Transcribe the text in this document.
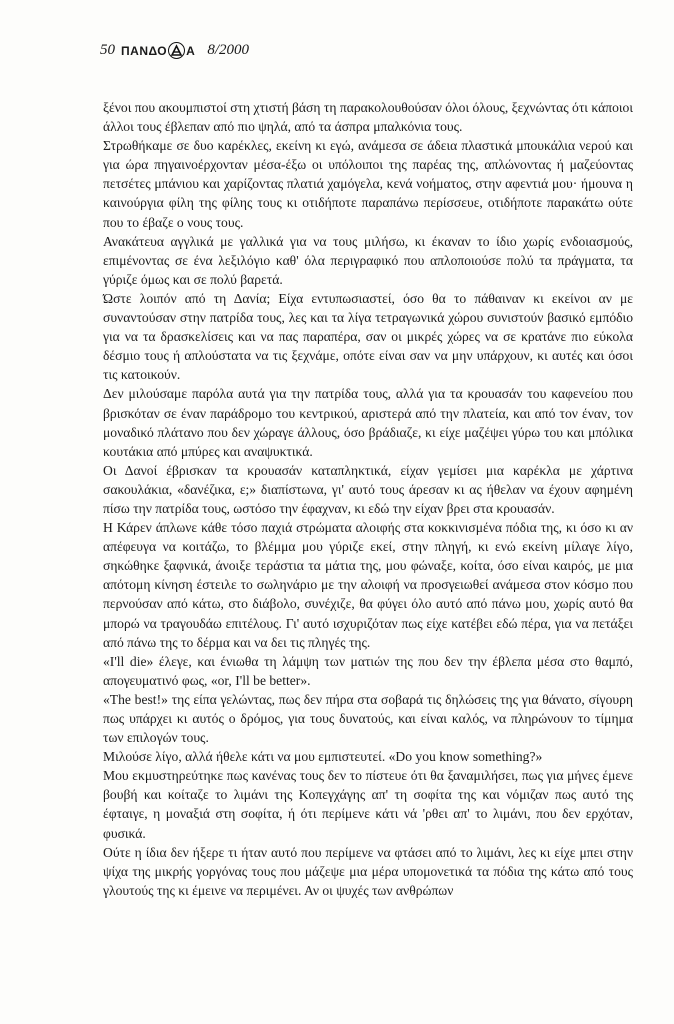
50 ΠΑΝΔΟ Α 8/2000

ξένοι που ακουμπιστοί στη χτιστή βάση τη παρακολουθούσαν όλοι όλους, ξεχνώντας ότι κάποιοι άλλοι τους έβλεπαν από πιο ψηλά, από τα άσπρα μπαλκόνια τους.

Στρωθήκαμε σε δυο καρέκλες, εκείνη κι εγώ, ανάμεσα σε άδεια πλαστικά μπουκάλια νερού και για ώρα πηγαινοέρχονταν μέσα-έξω οι υπόλοιποι της παρέας της, απλώνοντας ή μαζεύοντας πετσέτες μπάνιου και χαρίζοντας πλατιά χαμόγελα, κενά νοήματος, στην αφεντιά μου· ήμουνα η καινούργια φίλη της φίλης τους κι οτιδήποτε παραπάνω περίσσευε, οτιδήποτε παρακάτω ούτε που το έβαζε ο νους τους.

Ανακάτευα αγγλικά με γαλλικά για να τους μιλήσω, κι έκαναν το ίδιο χωρίς ενδοιασμούς, επιμένοντας σε ένα λεξιλόγιο καθ' όλα περιγραφικό που απλοποιούσε πολύ τα πράγματα, τα γύριζε όμως και σε πολύ βαρετά.

Ώστε λοιπόν από τη Δανία; Είχα εντυπωσιαστεί, όσο θα το πάθαιναν κι εκείνοι αν με συναντούσαν στην πατρίδα τους, λες και τα λίγα τετραγωνικά χώρου συνιστούν βασικό εμπόδιο για να τα δρασκελίσεις και να πας παραπέρα, σαν οι μικρές χώρες να σε κρατάνε πιο εύκολα δέσμιο τους ή απλούστατα να τις ξεχνάμε, οπότε είναι σαν να μην υπάρχουν, κι αυτές και όσοι τις κατοικούν.

Δεν μιλούσαμε παρόλα αυτά για την πατρίδα τους, αλλά για τα κρουασάν του καφενείου που βρισκόταν σε έναν παράδρομο του κεντρικού, αριστερά από την πλατεία, και από τον έναν, τον μοναδικό πλάτανο που δεν χώραγε άλλους, όσο βράδιαζε, κι είχε μαζέψει γύρω του και μπόλικα κουτάκια από μπύρες και αναψυκτικά.

Οι Δανοί έβρισκαν τα κρουασάν καταπληκτικά, είχαν γεμίσει μια καρέκλα με χάρτινα σακουλάκια, «δανέζικα, ε;» διαπίστωνα, γι' αυτό τους άρεσαν κι ας ήθελαν να έχουν αφημένη πίσω την πατρίδα τους, ωστόσο την έφαχναν, κι εδώ την είχαν βρει στα κρουασάν.

Η Κάρεν άπλωνε κάθε τόσο παχιά στρώματα αλοιφής στα κοκκινισμένα πόδια της, κι όσο κι αν απέφευγα να κοιτάζω, το βλέμμα μου γύριζε εκεί, στην πληγή, κι ενώ εκείνη μίλαγε λίγο, σηκώθηκε ξαφνικά, άνοιξε τεράστια τα μάτια της, μου φώναξε, κοίτα, όσο είναι καιρός, με μια απότομη κίνηση έστειλε το σωληνάριο με την αλοιφή να προσγειωθεί ανάμεσα στον κόσμο που περνούσαν από κάτω, στο διάβολο, συνέχιζε, θα φύγει όλο αυτό από πάνω μου, χωρίς αυτό θα μπορώ να τραγουδάω επιτέλους. Γι' αυτό ισχυριζόταν πως είχε κατέβει εδώ πέρα, για να πετάξει από πάνω της το δέρμα και να δει τις πληγές της.

«I'll die» έλεγε, και ένιωθα τη λάμψη των ματιών της που δεν την έβλεπα μέσα στο θαμπό, απογευματινό φως, «or, I'll be better».

«The best!» της είπα γελώντας, πως δεν πήρα στα σοβαρά τις δηλώσεις της για θάνατο, σίγουρη πως υπάρχει κι αυτός ο δρόμος, για τους δυνατούς, και είναι καλός, να πληρώνουν το τίμημα των επιλογών τους.

Μιλούσε λίγο, αλλά ήθελε κάτι να μου εμπιστευτεί. «Do you know something?»

Μου εκμυστηρεύτηκε πως κανένας τους δεν το πίστευε ότι θα ξαναμιλήσει, πως για μήνες έμενε βουβή και κοίταζε το λιμάνι της Κοπεγχάγης απ' τη σοφίτα της και νόμιζαν πως αυτό της έφταιγε, η μοναξιά στη σοφίτα, ή ότι περίμενε κάτι νά 'ρθει απ' το λιμάνι, που δεν ερχόταν, φυσικά.

Ούτε η ίδια δεν ήξερε τι ήταν αυτό που περίμενε να φτάσει από το λιμάνι, λες κι είχε μπει στην ψίχα της μικρής γοργόνας τους που μάζεψε μια μέρα υπομονετικά τα πόδια της κάτω από τους γλουτούς της κι έμεινε να περιμένει. Αν οι ψυχές των ανθρώπων
